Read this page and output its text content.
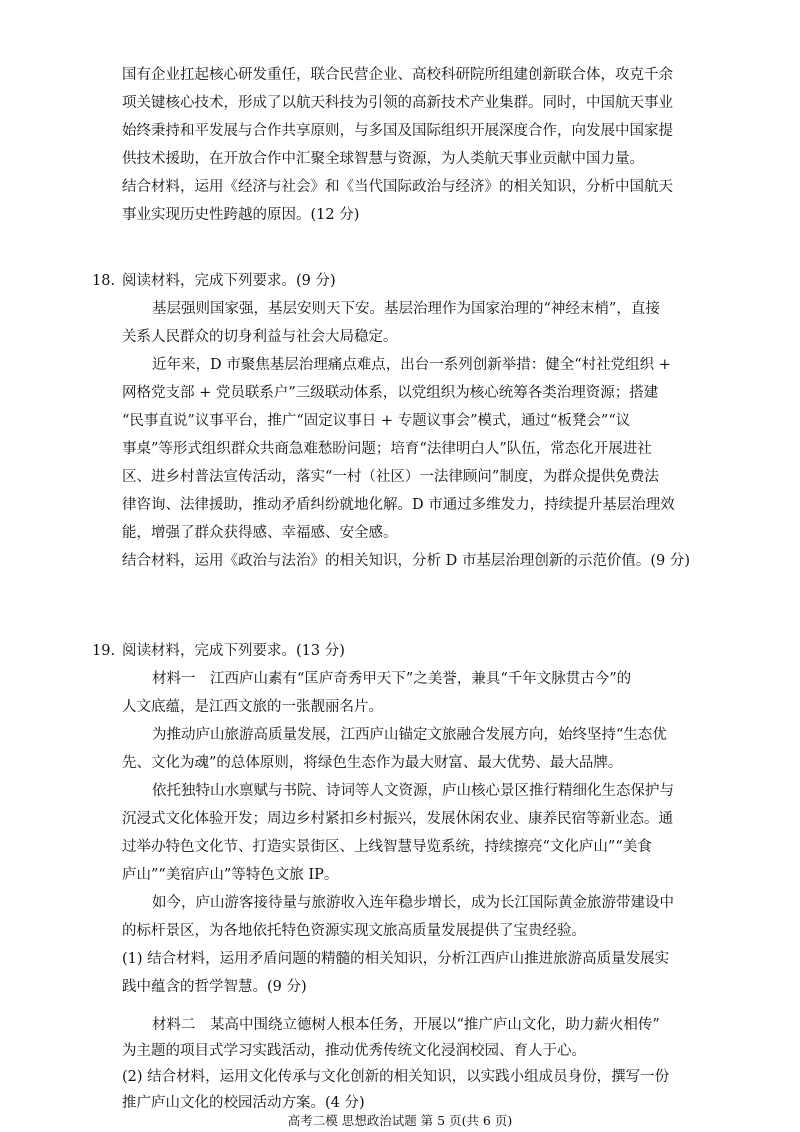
国有企业扛起核心研发重任，联合民营企业、高校科研院所组建创新联合体，攻克千余
项关键核心技术，形成了以航天科技为引领的高新技术产业集群。同时，中国航天事业
始终秉持和平发展与合作共享原则，与多国及国际组织开展深度合作，向发展中国家提
供技术援助，在开放合作中汇聚全球智慧与资源，为人类航天事业贡献中国力量。
结合材料，运用《经济与社会》和《当代国际政治与经济》的相关知识，分析中国航天
事业实现历史性跨越的原因。(12 分)
18. 阅读材料，完成下列要求。(9 分)
基层强则国家强，基层安则天下安。基层治理作为国家治理的“神经末梢”，直接
关系人民群众的切身利益与社会大局稳定。
近年来，D 市聚焦基层治理痛点难点，出台一系列创新举措：健全“村社党组织 +
网格党支部 + 党员联系户”三级联动体系，以党组织为核心统筹各类治理资源；搭建
“民事直说”议事平台，推广“固定议事日 + 专题议事会”模式，通过“板凳会”“议
事桌”等形式组织群众共商急难愁盼问题；培育“法律明白人”队伍，常态化开展进社
区、进乡村普法宣传活动，落实“一村（社区）一法律顾问”制度，为群众提供免费法
律咨询、法律援助，推动矛盾纠纷就地化解。D 市通过多维发力，持续提升基层治理效
能，增强了群众获得感、幸福感、安全感。
结合材料，运用《政治与法治》的相关知识，分析 D 市基层治理创新的示范价值。(9 分)
19. 阅读材料，完成下列要求。(13 分)
材料一　江西庐山素有“匡庐奇秀甲天下”之美誉，兼具“千年文脉贯古今”的
人文底蕴，是江西文旅的一张靓丽名片。
为推动庐山旅游高质量发展，江西庐山锚定文旅融合发展方向，始终坚持“生态优
先、文化为魂”的总体原则，将绿色生态作为最大财富、最大优势、最大品牌。
依托独特山水禀赋与书院、诗词等人文资源，庐山核心景区推行精细化生态保护与
沉浸式文化体验开发；周边乡村紧扣乡村振兴，发展休闲农业、康养民宿等新业态。通
过举办特色文化节、打造实景街区、上线智慧导览系统，持续擦亮“文化庐山”“美食
庐山”“美宿庐山”等特色文旅 IP。
如今，庐山游客接待量与旅游收入连年稳步增长，成为长江国际黄金旅游带建设中
的标杆景区，为各地依托特色资源实现文旅高质量发展提供了宝贵经验。
(1) 结合材料，运用矛盾问题的精髓的相关知识，分析江西庐山推进旅游高质量发展实
践中蕴含的哲学智慧。(9 分)
材料二　某高中围绕立德树人根本任务，开展以“推广庐山文化，助力薪火相传”
为主题的项目式学习实践活动，推动优秀传统文化浸润校园、育人于心。
(2) 结合材料，运用文化传承与文化创新的相关知识，以实践小组成员身份，撰写一份
推广庐山文化的校园活动方案。(4 分)
高考二模 思想政治试题 第 5 页(共 6 页)
